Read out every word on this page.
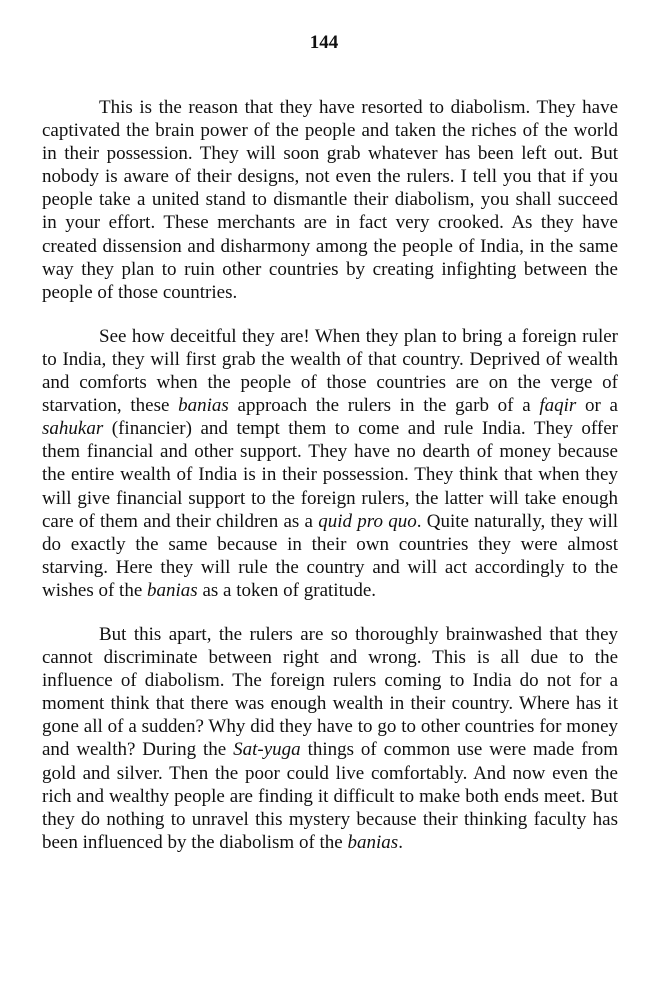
144

This is the reason that they have resorted to diabolism. They have captivated the brain power of the people and taken the riches of the world in their possession. They will soon grab whatever has been left out. But nobody is aware of their designs, not even the rulers. I tell you that if you people take a united stand to dismantle their diabolism, you shall succeed in your effort. These merchants are in fact very crooked. As they have created dissension and disharmony among the people of India, in the same way they plan to ruin other countries by creating infighting between the people of those countries.

See how deceitful they are! When they plan to bring a foreign ruler to India, they will first grab the wealth of that country. Deprived of wealth and comforts when the people of those countries are on the verge of starvation, these banias approach the rulers in the garb of a faqir or a sahukar (financier) and tempt them to come and rule India. They offer them financial and other support. They have no dearth of money because the entire wealth of India is in their possession. They think that when they will give financial support to the foreign rulers, the latter will take enough care of them and their children as a quid pro quo. Quite naturally, they will do exactly the same because in their own countries they were almost starving. Here they will rule the country and will act accordingly to the wishes of the banias as a token of gratitude.

But this apart, the rulers are so thoroughly brainwashed that they cannot discriminate between right and wrong. This is all due to the influence of diabolism. The foreign rulers coming to India do not for a moment think that there was enough wealth in their country. Where has it gone all of a sudden? Why did they have to go to other countries for money and wealth? During the Sat-yuga things of common use were made from gold and silver. Then the poor could live comfortably. And now even the rich and wealthy people are finding it difficult to make both ends meet. But they do nothing to unravel this mystery because their thinking faculty has been influenced by the diabolism of the banias.
